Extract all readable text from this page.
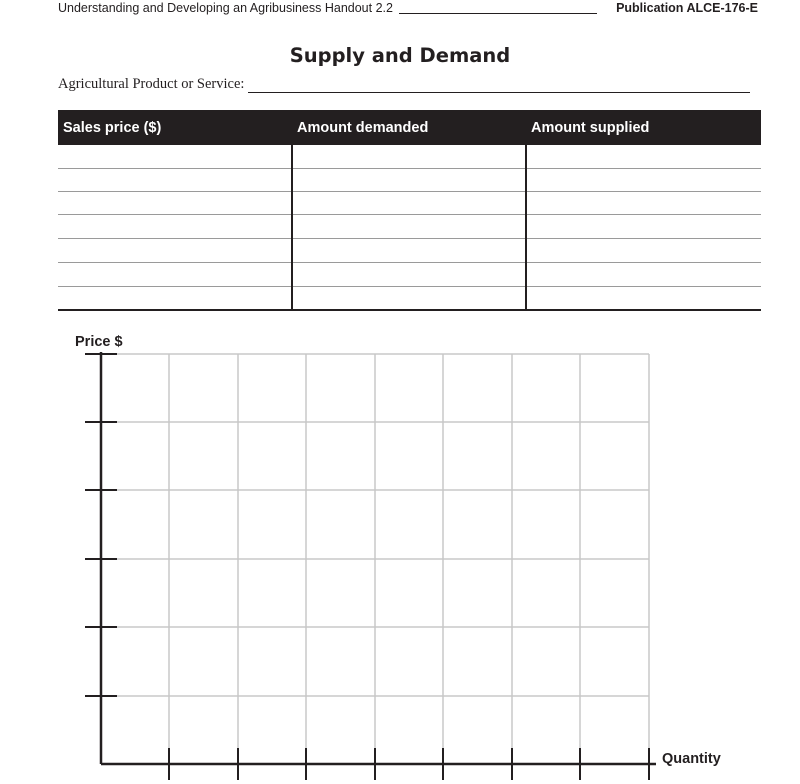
Understanding and Developing an Agribusiness Handout 2.2	Publication ALCE-176-E
Supply and Demand
Agricultural Product or Service:
Sales price ($)	Amount demanded	Amount supplied
Price $
Quantity
